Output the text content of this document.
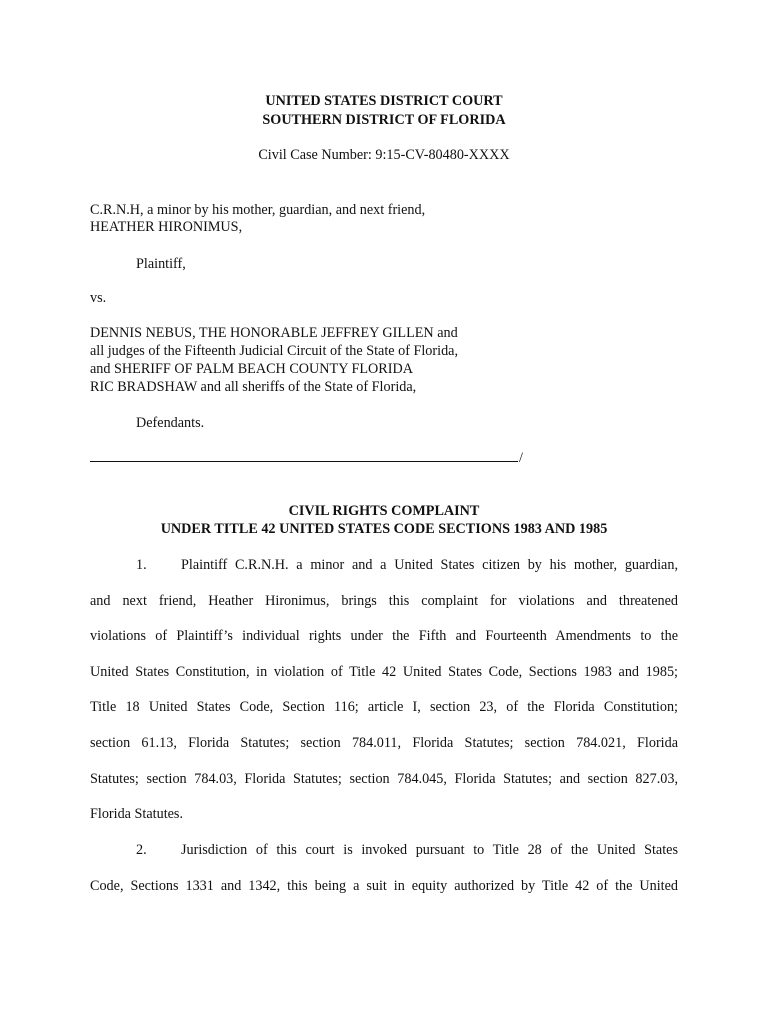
UNITED STATES DISTRICT COURT
SOUTHERN DISTRICT OF FLORIDA
Civil Case Number: 9:15-CV-80480-XXXX
C.R.N.H, a minor by his mother, guardian, and next friend,
HEATHER HIRONIMUS,
Plaintiff,
vs.
DENNIS NEBUS, THE HONORABLE JEFFREY GILLEN and
all judges of the Fifteenth Judicial Circuit of the State of Florida,
and SHERIFF OF PALM BEACH COUNTY FLORIDA
RIC BRADSHAW and all sheriffs of the State of Florida,
Defendants.
/
CIVIL RIGHTS COMPLAINT
UNDER TITLE 42 UNITED STATES CODE SECTIONS 1983 AND 1985
1. Plaintiff C.R.N.H. a minor and a United States citizen by his mother, guardian,
and next friend, Heather Hironimus, brings this complaint for violations and threatened
violations of Plaintiff’s individual rights under the Fifth and Fourteenth Amendments to the
United States Constitution, in violation of Title 42 United States Code, Sections 1983 and 1985;
Title 18 United States Code, Section 116; article I, section 23, of the Florida Constitution;
section 61.13, Florida Statutes; section 784.011, Florida Statutes; section 784.021, Florida
Statutes; section 784.03, Florida Statutes; section 784.045, Florida Statutes; and section 827.03,
Florida Statutes.
2. Jurisdiction of this court is invoked pursuant to Title 28 of the United States
Code, Sections 1331 and 1342, this being a suit in equity authorized by Title 42 of the United
